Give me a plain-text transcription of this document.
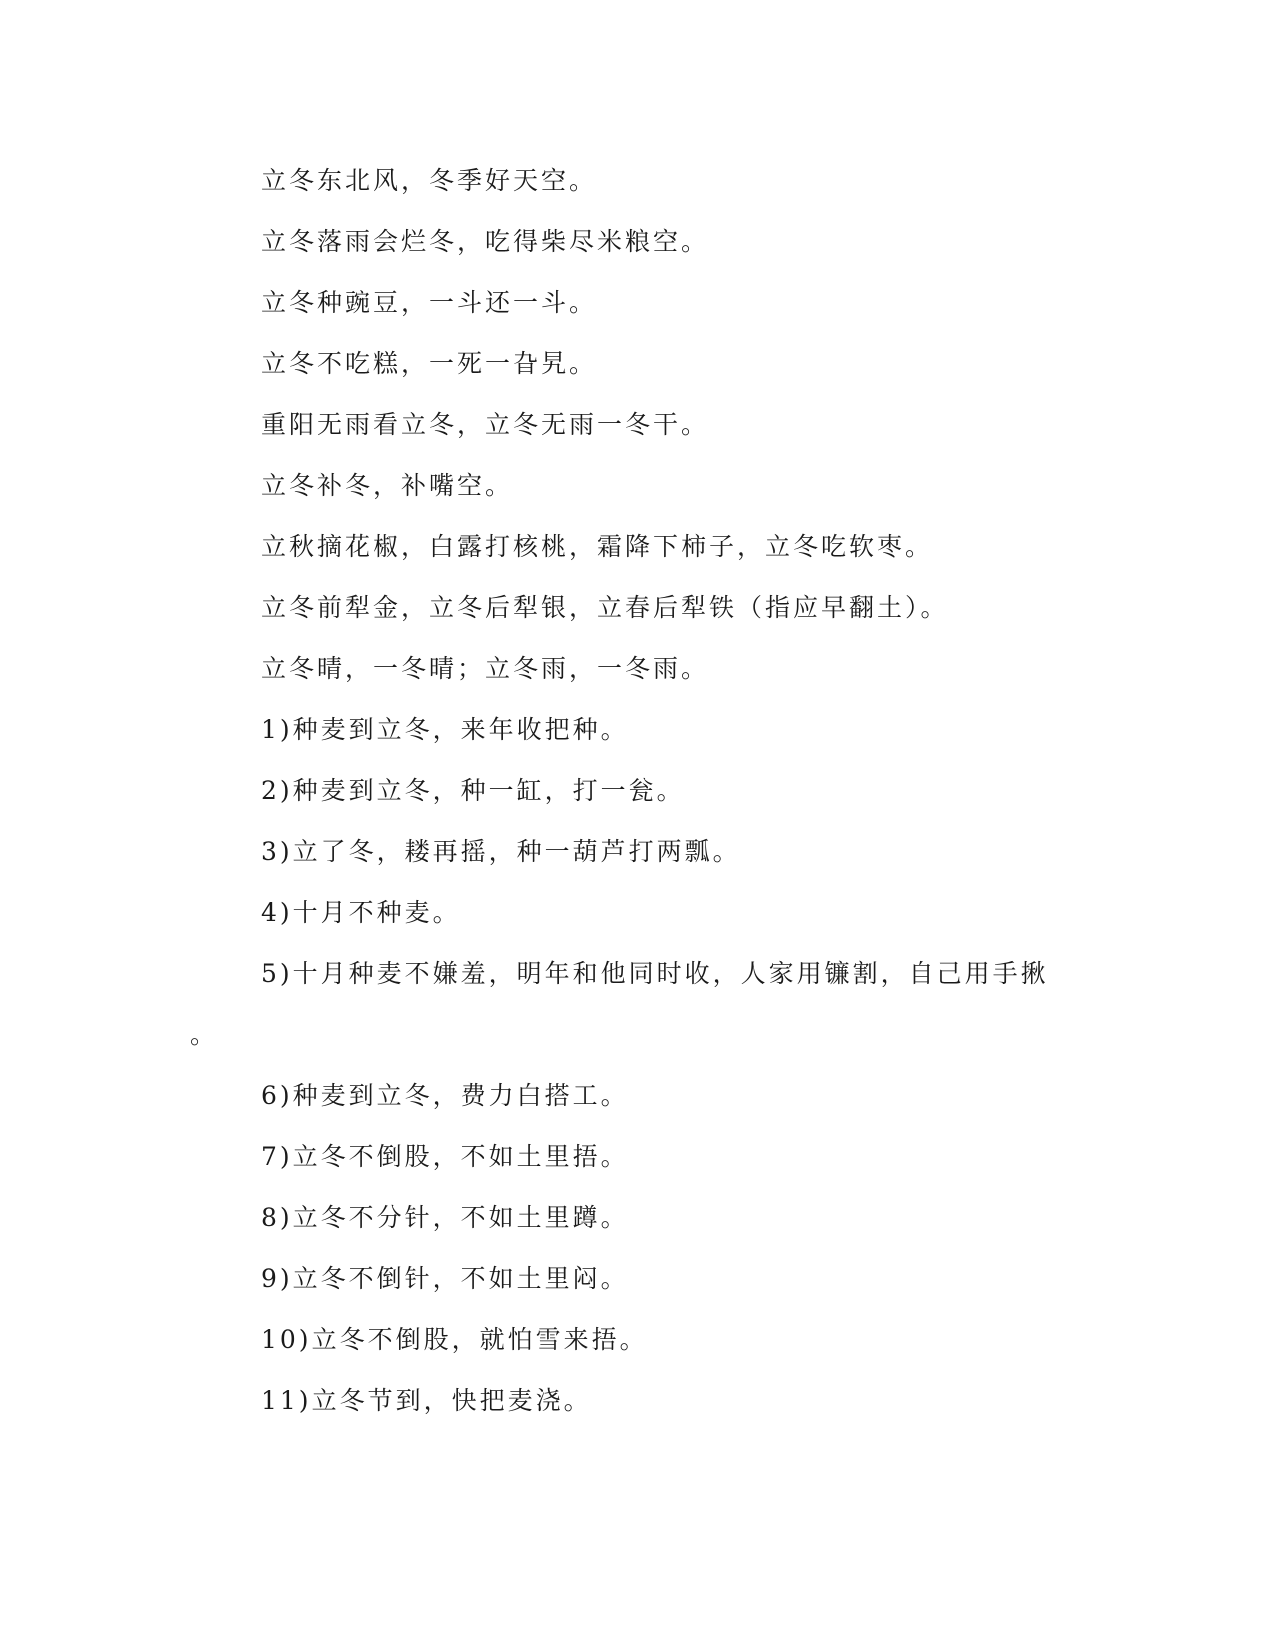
立冬东北风，冬季好天空。
立冬落雨会烂冬，吃得柴尽米粮空。
立冬种豌豆，一斗还一斗。
立冬不吃糕，一死一旮旯。
重阳无雨看立冬，立冬无雨一冬干。
立冬补冬，补嘴空。
立秋摘花椒，白露打核桃，霜降下柿子，立冬吃软枣。
立冬前犁金，立冬后犁银，立春后犁铁（指应早翻土）。
立冬晴，一冬晴；立冬雨，一冬雨。
1)种麦到立冬，来年收把种。
2)种麦到立冬，种一缸，打一瓮。
3)立了冬，耧再摇，种一葫芦打两瓢。
4)十月不种麦。
5)十月种麦不嫌羞，明年和他同时收，人家用镰割，自己用手揪
。
6)种麦到立冬，费力白搭工。
7)立冬不倒股，不如土里捂。
8)立冬不分针，不如土里蹲。
9)立冬不倒针，不如土里闷。
10)立冬不倒股，就怕雪来捂。
11)立冬节到，快把麦浇。
